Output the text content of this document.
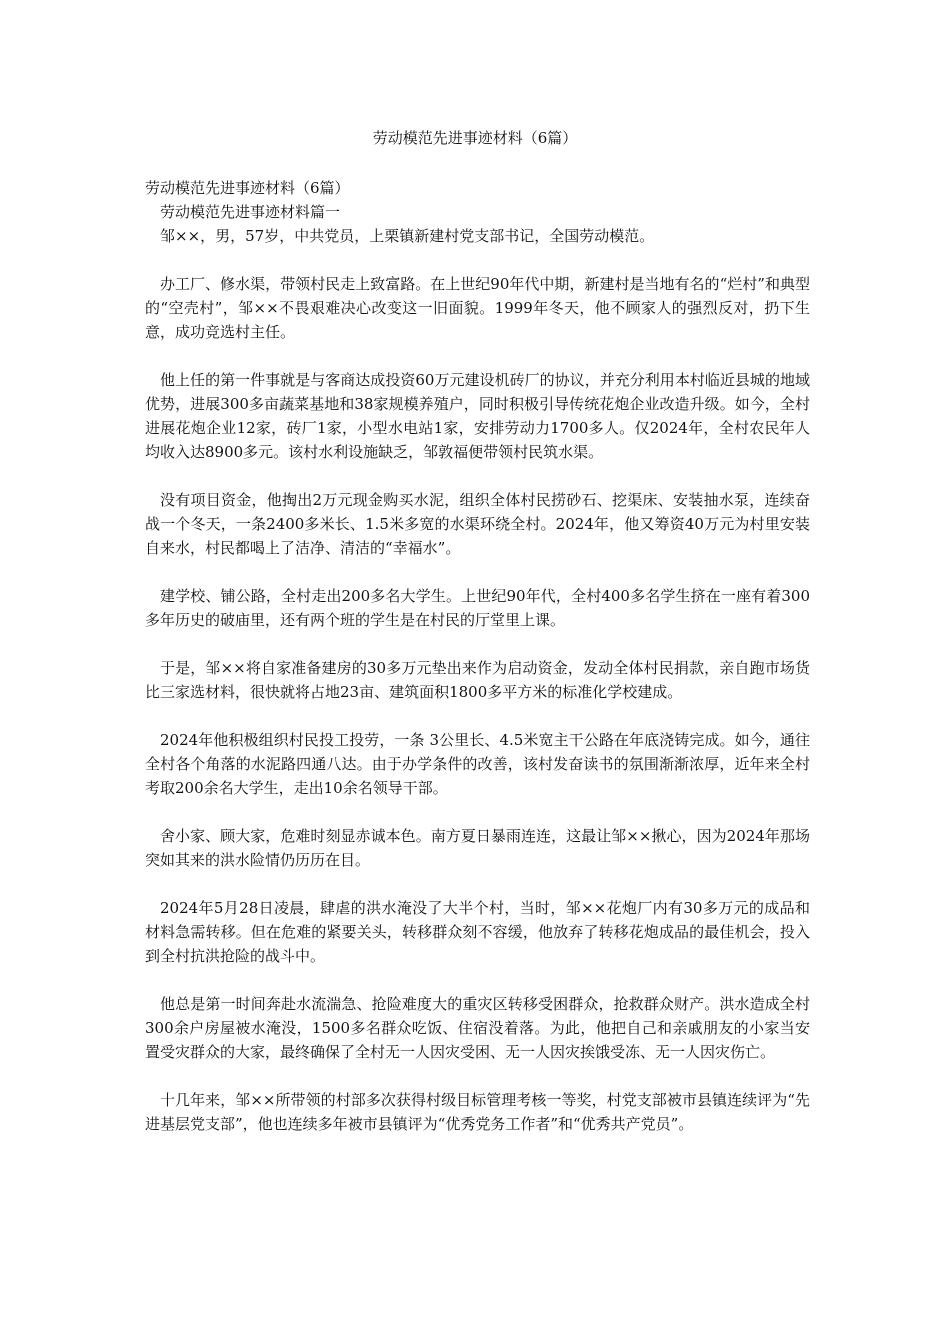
劳动模范先进事迹材料（6篇）

劳动模范先进事迹材料（6篇）

劳动模范先进事迹材料篇一

邹××，男，57岁，中共党员，上栗镇新建村党支部书记，全国劳动模范。

办工厂、修水渠，带领村民走上致富路。在上世纪90年代中期，新建村是当地有名的“烂村”和典型的“空壳村”，邹××不畏艰难决心改变这一旧面貌。1999年冬天，他不顾家人的强烈反对，扔下生意，成功竞选村主任。

他上任的第一件事就是与客商达成投资60万元建设机砖厂的协议，并充分利用本村临近县城的地域优势，进展300多亩蔬菜基地和38家规模养殖户，同时积极引导传统花炮企业改造升级。如今，全村进展花炮企业12家，砖厂1家，小型水电站1家，安排劳动力1700多人。仅2024年，全村农民年人均收入达8900多元。该村水利设施缺乏，邹敦福便带领村民筑水渠。

没有项目资金，他掏出2万元现金购买水泥，组织全体村民捞砂石、挖渠床、安装抽水泵，连续奋战一个冬天，一条2400多米长、1.5米多宽的水渠环绕全村。2024年，他又筹资40万元为村里安装自来水，村民都喝上了洁净、清洁的“幸福水”。

建学校、铺公路，全村走出200多名大学生。上世纪90年代，全村400多名学生挤在一座有着300多年历史的破庙里，还有两个班的学生是在村民的厅堂里上课。

于是，邹××将自家准备建房的30多万元垫出来作为启动资金，发动全体村民捐款，亲自跑市场货比三家选材料，很快就将占地23亩、建筑面积1800多平方米的标准化学校建成。

2024年他积极组织村民投工投劳，一条 3公里长、4.5米宽主干公路在年底浇铸完成。如今，通往全村各个角落的水泥路四通八达。由于办学条件的改善，该村发奋读书的氛围渐渐浓厚，近年来全村考取200余名大学生，走出10余名领导干部。

舍小家、顾大家，危难时刻显赤诚本色。南方夏日暴雨连连，这最让邹××揪心，因为2024年那场突如其来的洪水险情仍历历在目。

2024年5月28日凌晨，肆虐的洪水淹没了大半个村，当时，邹××花炮厂内有30多万元的成品和材料急需转移。但在危难的紧要关头，转移群众刻不容缓，他放弃了转移花炮成品的最佳机会，投入到全村抗洪抢险的战斗中。

他总是第一时间奔赴水流湍急、抢险难度大的重灾区转移受困群众，抢救群众财产。洪水造成全村300余户房屋被水淹没，1500多名群众吃饭、住宿没着落。为此，他把自己和亲戚朋友的小家当安置受灾群众的大家，最终确保了全村无一人因灾受困、无一人因灾挨饿受冻、无一人因灾伤亡。

十几年来，邹××所带领的村部多次获得村级目标管理考核一等奖，村党支部被市县镇连续评为“先进基层党支部”，他也连续多年被市县镇评为“优秀党务工作者”和“优秀共产党员”。
